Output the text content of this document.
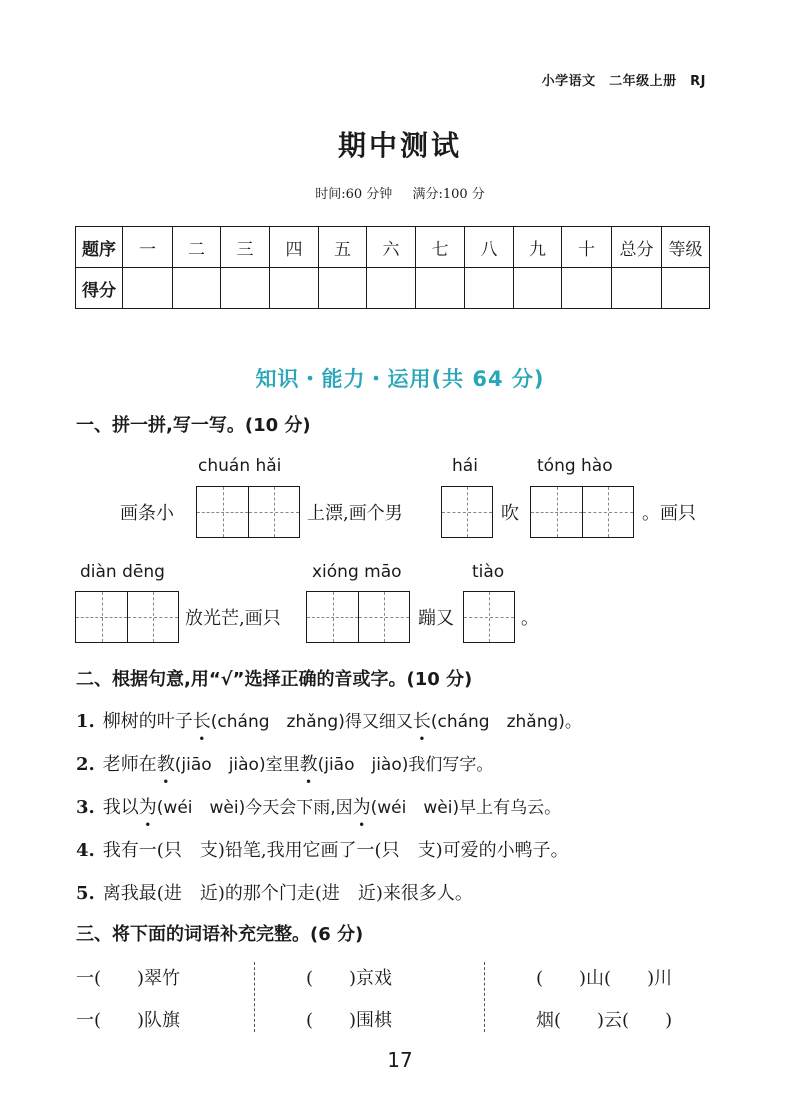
小学语文　二年级上册　RJ
期中测试
时间:60 分钟 满分:100 分
题序	一	二	三	四	五	六	七	八	九	十	总分	等级
得分												
知识・能力・运用(共 64 分)
一、拼一拼,写一写。(10 分)
chuán hǎi	hái	tóng hào
画条小	上漂,画个男	吹	。画只
diàn dēng	xióng māo	tiào
放光芒,画只	蹦又	。
二、根据句意,用“√”选择正确的音或字。(10 分)
1. 柳树的叶子长(cháng　zhǎng)得又细又长(cháng　zhǎng)。
2. 老师在教(jiāo　jiào)室里教(jiāo　jiào)我们写字。
3. 我以为(wéi　wèi)今天会下雨,因为(wéi　wèi)早上有乌云。
4. 我有一(只　支)铅笔,我用它画了一(只　支)可爱的小鸭子。
5. 离我最(进　近)的那个门走(进　近)来很多人。
三、将下面的词语补充完整。(6 分)
一(　　)翠竹	(　　)京戏	(　　)山(　　)川
一(　　)队旗	(　　)围棋	烟(　　)云(　　)
17
